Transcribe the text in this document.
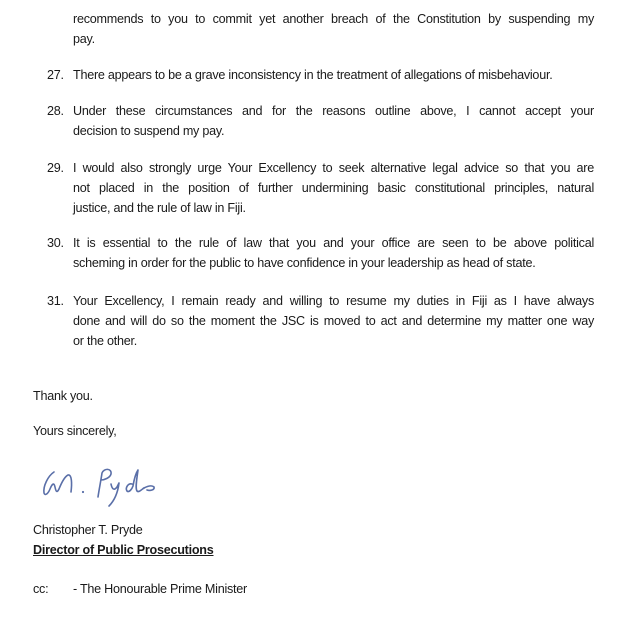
recommends to you to commit yet another breach of the Constitution by suspending my
pay.
27. There appears to be a grave inconsistency in the treatment of allegations of misbehaviour.
28. Under these circumstances and for the reasons outline above, I cannot accept your
decision to suspend my pay.
29. I would also strongly urge Your Excellency to seek alternative legal advice so that you are
not placed in the position of further undermining basic constitutional principles, natural
justice, and the rule of law in Fiji.
30. It is essential to the rule of law that you and your office are seen to be above political
scheming in order for the public to have confidence in your leadership as head of state.
31. Your Excellency, I remain ready and willing to resume my duties in Fiji as I have always
done and will do so the moment the JSC is moved to act and determine my matter one way
or the other.
Thank you.
Yours sincerely,
Christopher T. Pryde
Director of Public Prosecutions
cc: - The Honourable Prime Minister
